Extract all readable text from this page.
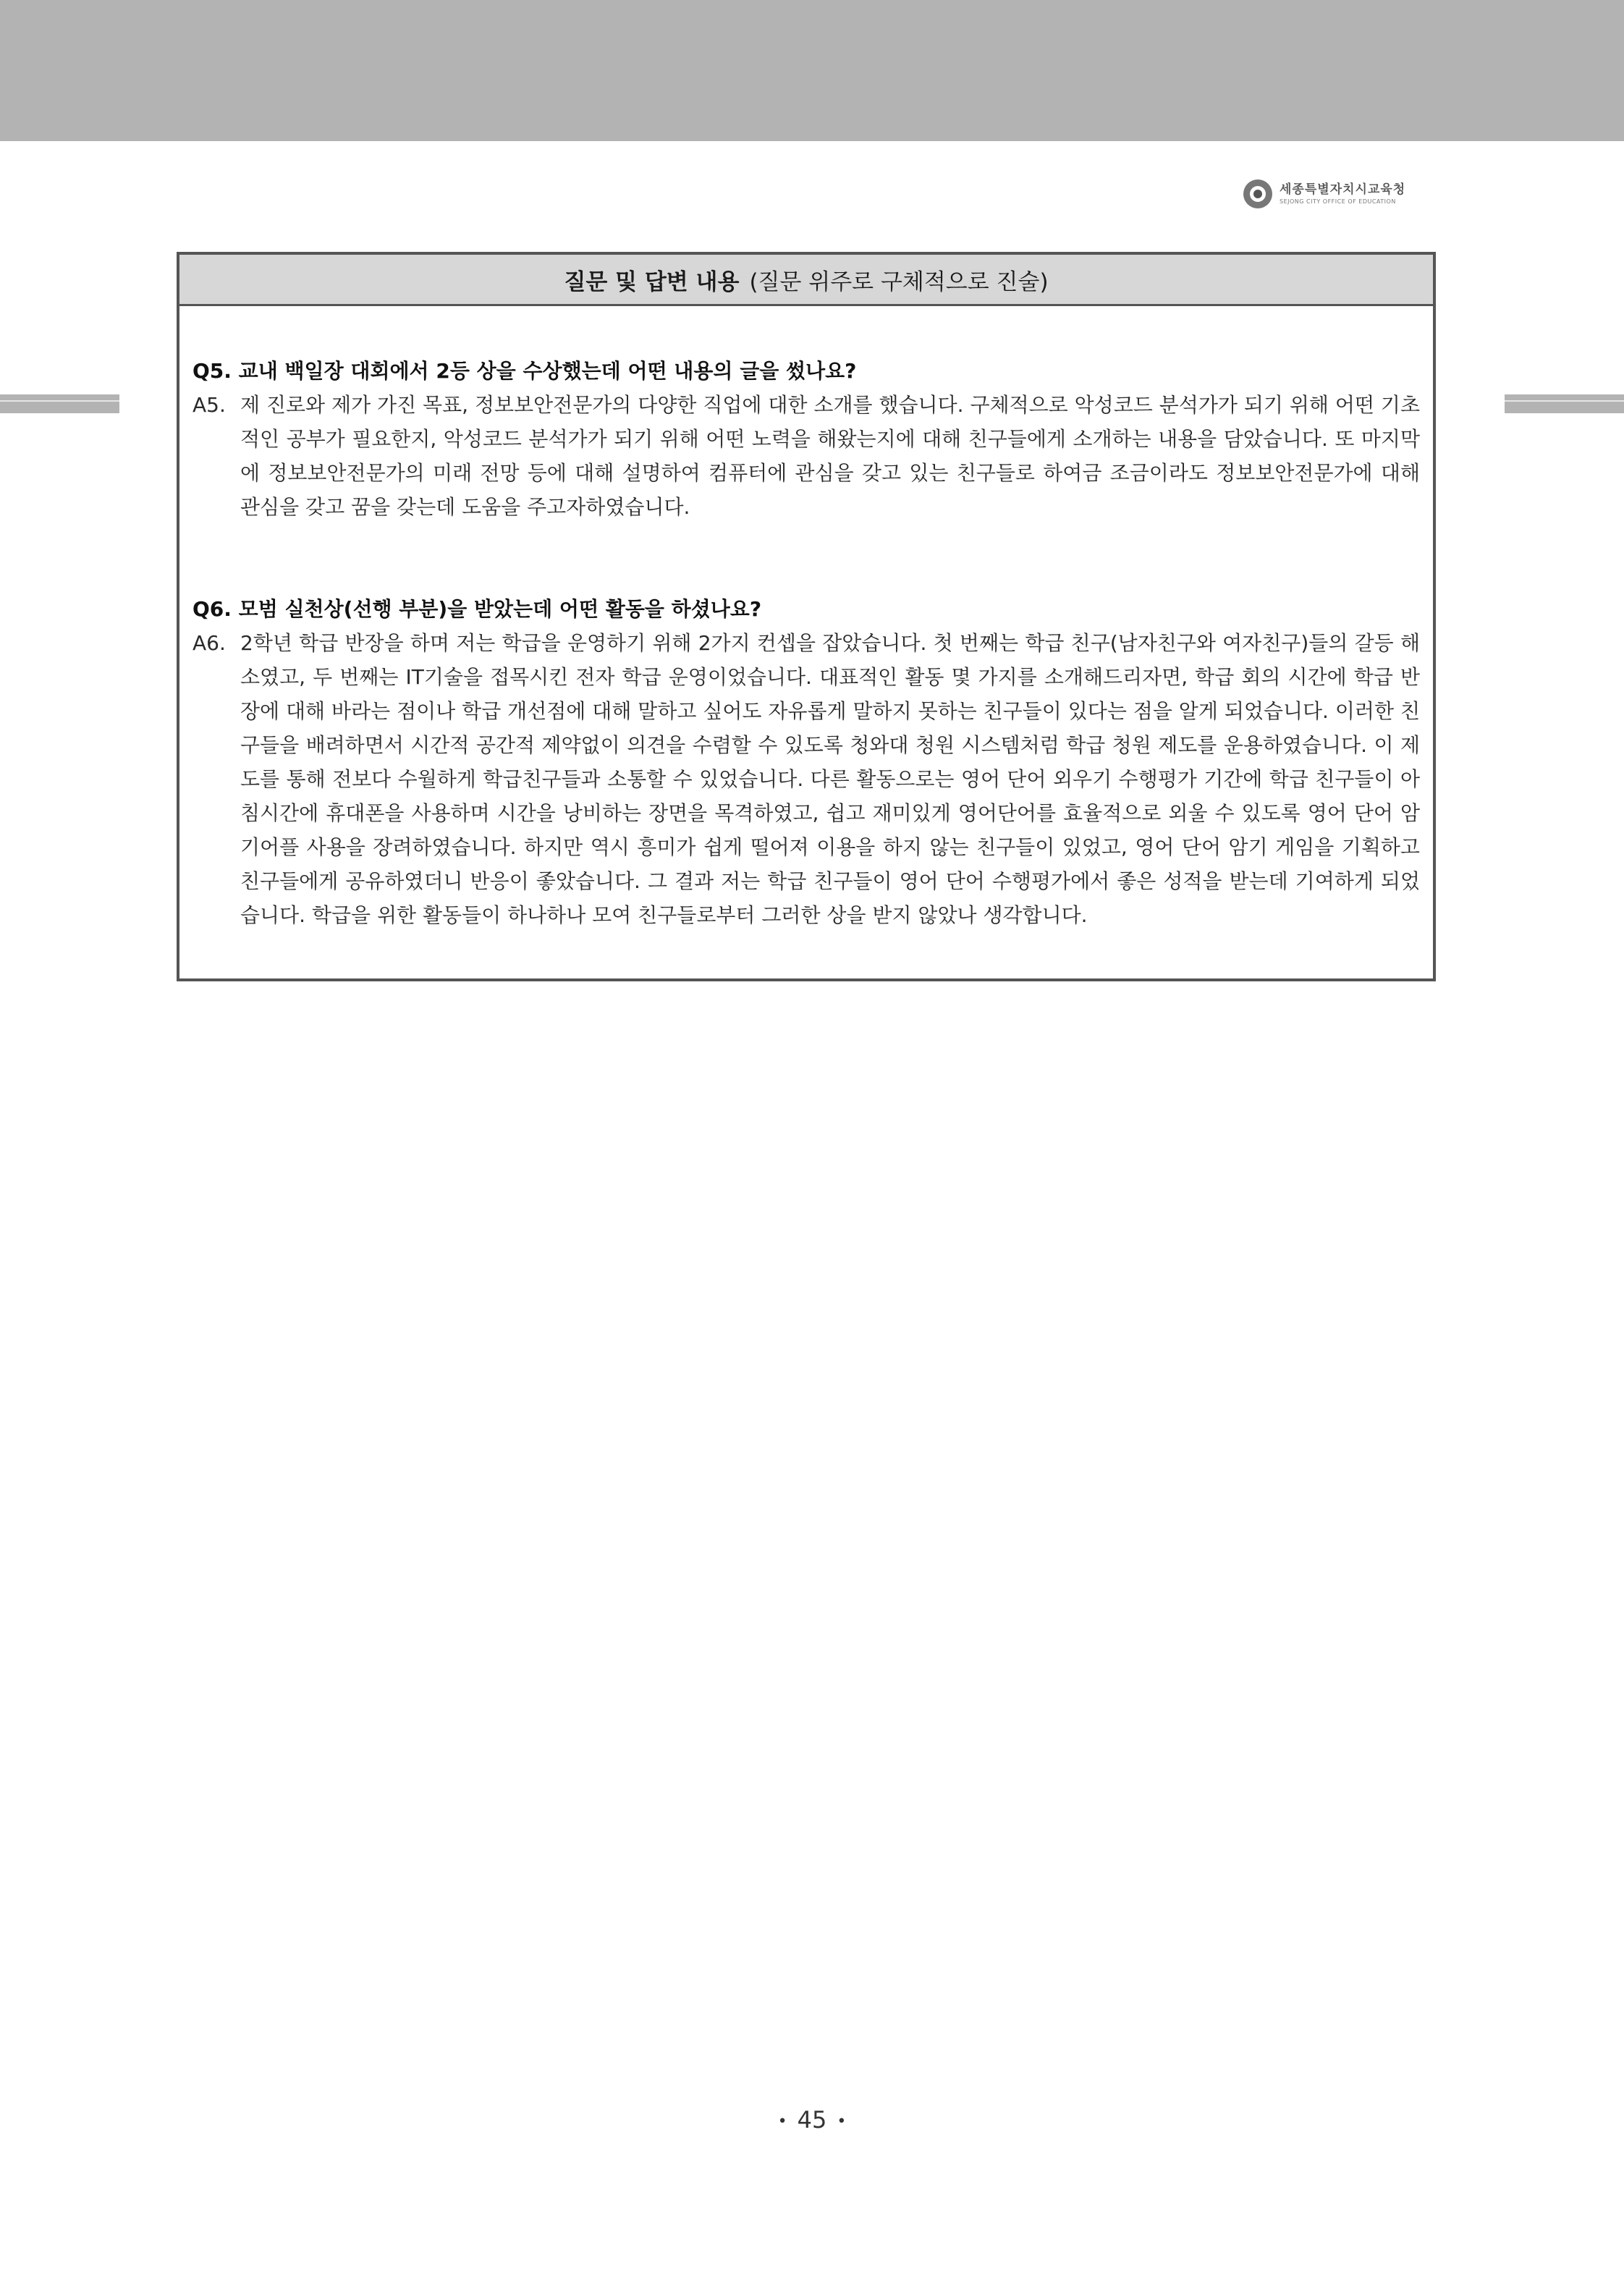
세종특별자치시교육청
SEJONG CITY OFFICE OF EDUCATION
질문 및 답변 내용 (질문 위주로 구체적으로 진술)
Q5. 교내 백일장 대회에서 2등 상을 수상했는데 어떤 내용의 글을 썼나요?
A5. 제 진로와 제가 가진 목표, 정보보안전문가의 다양한 직업에 대한 소개를 했습니다. 구체적으로 악성코드 분석가가 되기 위해 어떤 기초적인 공부가 필요한지, 악성코드 분석가가 되기 위해 어떤 노력을 해왔는지에 대해 친구들에게 소개하는 내용을 담았습니다. 또 마지막에 정보보안전문가의 미래 전망 등에 대해 설명하여 컴퓨터에 관심을 갖고 있는 친구들로 하여금 조금이라도 정보보안전문가에 대해 관심을 갖고 꿈을 갖는데 도움을 주고자하였습니다.
Q6. 모범 실천상(선행 부분)을 받았는데 어떤 활동을 하셨나요?
A6. 2학년 학급 반장을 하며 저는 학급을 운영하기 위해 2가지 컨셉을 잡았습니다. 첫 번째는 학급 친구(남자친구와 여자친구)들의 갈등 해소였고, 두 번째는 IT기술을 접목시킨 전자 학급 운영이었습니다. 대표적인 활동 몇 가지를 소개해드리자면, 학급 회의 시간에 학급 반장에 대해 바라는 점이나 학급 개선점에 대해 말하고 싶어도 자유롭게 말하지 못하는 친구들이 있다는 점을 알게 되었습니다. 이러한 친구들을 배려하면서 시간적 공간적 제약없이 의견을 수렴할 수 있도록 청와대 청원 시스템처럼 학급 청원 제도를 운용하였습니다. 이 제도를 통해 전보다 수월하게 학급친구들과 소통할 수 있었습니다. 다른 활동으로는 영어 단어 외우기 수행평가 기간에 학급 친구들이 아침시간에 휴대폰을 사용하며 시간을 낭비하는 장면을 목격하였고, 쉽고 재미있게 영어단어를 효율적으로 외울 수 있도록 영어 단어 암기어플 사용을 장려하였습니다. 하지만 역시 흥미가 쉽게 떨어져 이용을 하지 않는 친구들이 있었고, 영어 단어 암기 게임을 기획하고 친구들에게 공유하였더니 반응이 좋았습니다. 그 결과 저는 학급 친구들이 영어 단어 수행평가에서 좋은 성적을 받는데 기여하게 되었습니다. 학급을 위한 활동들이 하나하나 모여 친구들로부터 그러한 상을 받지 않았나 생각합니다.
• 45 •
